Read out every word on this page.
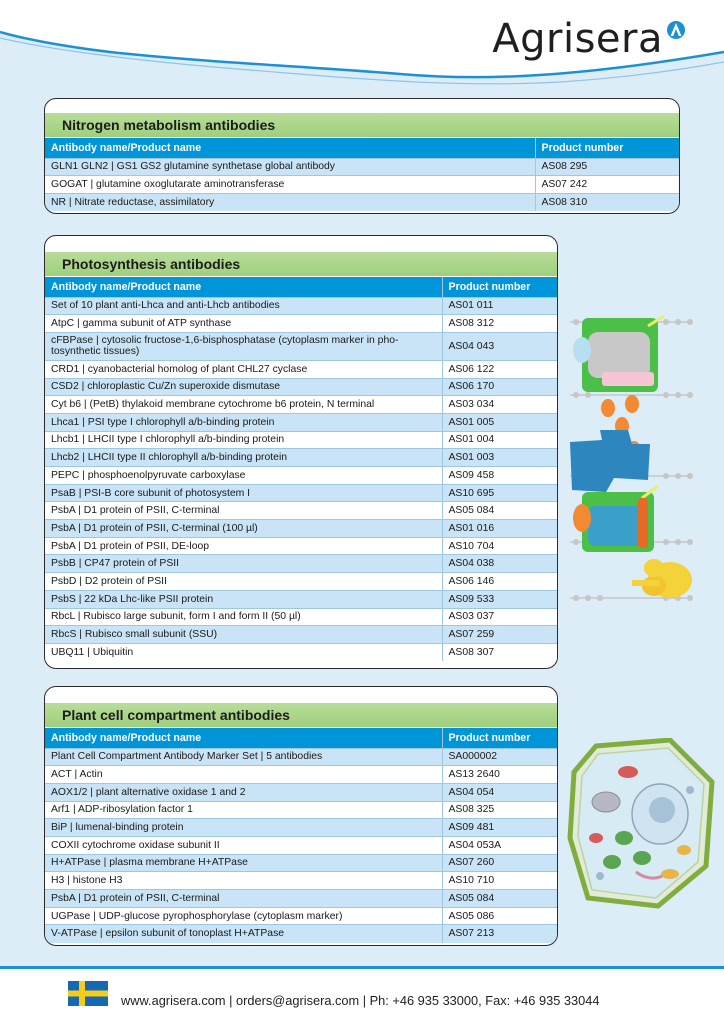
Agrisera
Nitrogen metabolism antibodies
Antibody name/Product name	Product number
GLN1 GLN2 | GS1 GS2 glutamine synthetase global antibody	AS08 295
GOGAT | glutamine oxoglutarate aminotransferase	AS07 242
NR | Nitrate reductase, assimilatory	AS08 310
Photosynthesis antibodies
Antibody name/Product name	Product number
Set of 10 plant anti-Lhca and anti-Lhcb antibodies	AS01 011
AtpC | gamma subunit of ATP synthase	AS08 312
cFBPase | cytosolic fructose-1,6-bisphosphatase (cytoplasm marker in pho-tosynthetic tissues)	AS04 043
CRD1 | cyanobacterial homolog of plant CHL27 cyclase	AS06 122
CSD2 | chloroplastic Cu/Zn superoxide dismutase	AS06 170
Cyt b6 | (PetB) thylakoid membrane cytochrome b6 protein, N terminal	AS03 034
Lhca1 | PSI type I chlorophyll a/b-binding protein	AS01 005
Lhcb1 | LHCII type I chlorophyll a/b-binding protein	AS01 004
Lhcb2 | LHCII type II chlorophyll a/b-binding protein	AS01 003
PEPC | phosphoenolpyruvate carboxylase	AS09 458
PsaB | PSI-B core subunit of photosystem I	AS10 695
PsbA | D1 protein of PSII, C-terminal	AS05 084
PsbA | D1 protein of PSII, C-terminal (100 µl)	AS01 016
PsbA | D1 protein of PSII, DE-loop	AS10 704
PsbB | CP47 protein of PSII	AS04 038
PsbD | D2 protein of PSII	AS06 146
PsbS | 22 kDa Lhc-like PSII protein	AS09 533
RbcL | Rubisco large subunit, form I and form II (50 µl)	AS03 037
RbcS | Rubisco small subunit (SSU)	AS07 259
UBQ11 | Ubiquitin	AS08 307
Plant cell compartment antibodies
Antibody name/Product name	Product number
Plant Cell Compartment Antibody Marker Set | 5 antibodies	SA000002
ACT | Actin	AS13 2640
AOX1/2 | plant alternative oxidase 1 and 2	AS04 054
Arf1 | ADP-ribosylation factor 1	AS08 325
BiP | lumenal-binding protein	AS09 481
COXII cytochrome oxidase subunit II	AS04 053A
H+ATPase | plasma membrane H+ATPase	AS07 260
H3 | histone H3	AS10 710
PsbA | D1 protein of PSII, C-terminal	AS05 084
UGPase | UDP-glucose pyrophosphorylase (cytoplasm marker)	AS05 086
V-ATPase | epsilon subunit of tonoplast H+ATPase	AS07 213
www.agrisera.com | orders@agrisera.com | Ph: +46 935 33000, Fax: +46 935 33044
